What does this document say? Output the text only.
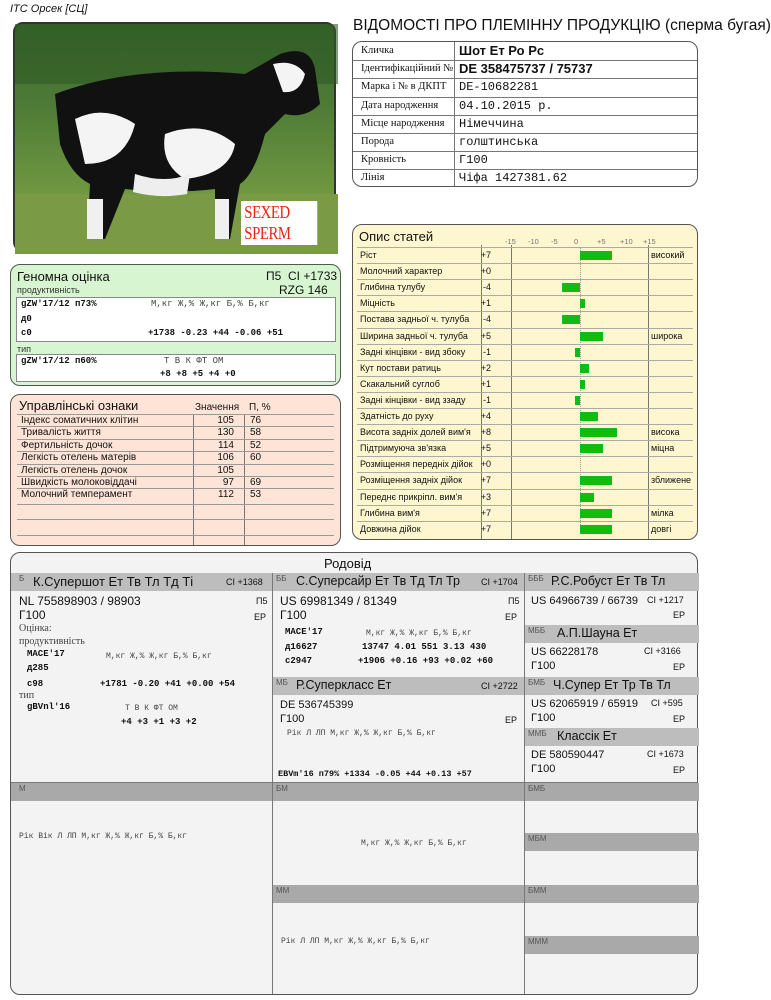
ІТС Орсек [СЦ]
ВІДОМОСТІ ПРО ПЛЕМІННУ ПРОДУКЦІЮ (сперма бугая)
SEXED SPERM
Кличка	Шот Ет Ро Рс
Ідентифікаційний № DE 358475737 / 75737
Марка і № в ДКПТ DE-10682281
Дата народження 04.10.2015 р.
Місце народження Німеччина
Порода	голштинська
Кровність	Г100
Лінія	Чіфа 1427381.62
Геномна оцінка
продуктивність
П5 CI +1733
RZG 146
gZW'17/12 п73%	М,кг Ж,% Ж,кг Б,% Б,кг
д0
с0	+1738 -0.23 +44 -0.06 +51
тип
gZW'17/12 п60%	Т В К ФТ ОМ
+8 +8 +5 +4 +0
Управлінські ознаки	Значення П, %
Індекс соматичних клітин	105 76
Тривалість життя	130 58
Фертильність дочок	114 52
Легкість отелень матерів	106 60
Легкість отелень дочок	105
Швидкість молоковіддачі	97 69
Молочний темперамент	112 53
Опис статей	-15 -10 -5 0	+5 +10 +15
Ріст	+7	високий
Молочний характер	+0
Глибина тулубу	-4
Міцність	+1
Постава задньої ч. тулуба -4
Ширина задньої ч. тулуба +5	широка
Задні кінцівки - вид збоку -1
Кут постави ратиць	+2
Скакальний суглоб	+1
Задні кінцівки - вид ззаду -1
Здатність до руху	+4
Висота задніх долей вим'я +8	висока
Підтримуюча зв'язка	+5	міцна
Розміщення передніх дійок +0
Розміщення задніх дійок +7	зближене
Переднє прикріпл. вим'я +3
Глибина вим'я	+7	мілка
Довжина дійок	+7	довгі
Родовід
Б К.Супершот Ет Тв Тл Тд Ті	CI +1368
NL 755898903 / 98903	П5
Г100	ЕР
Оцінка:
продуктивність
MACE'17	М,кг Ж,% Ж,кг Б,% Б,кг
д285
с98	+1781 -0.20 +41 +0.00 +54
тип
gBVnl'16	Т В К ФТ ОМ
+4 +3 +1 +3 +2
ББ С.Суперсайр Ет Тв Тд Тл Тр CI +1704
US 69981349 / 81349	П5
Г100	ЕР
MACE'17	М,кг Ж,% Ж,кг Б,% Б,кг
д16627	13747 4.01 551 3.13 430
с2947	+1906 +0.16 +93 +0.02 +60
БББ Р.С.Робуст Ет Тв Тл
US 64966739 / 66739 CI +1217
ЕР
МББ А.П.Шауна Ет
US 66228178	CI +3166
Г100	ЕР
МБ Р.Суперкласс Ет	CI +2722
DE 536745399
Г100	ЕР
Рік Л ЛП М,кг Ж,% Ж,кг Б,% Б,кг
EBVm'16 п79% +1334 -0.05 +44 +0.13 +57
БМБ Ч.Супер Ет Тр Тв Тл
US 62065919 / 65919 CI +595
Г100	ЕР
ММБ Классік Ет
DE 580590447	CI +1673
Г100	ЕР
М
Рік Вік Л ЛП М,кг Ж,% Ж,кг Б,% Б,кг
БМ
М,кг Ж,% Ж,кг Б,% Б,кг
БМБ
МБМ
ММ
Рік Л ЛП М,кг Ж,% Ж,кг Б,% Б,кг
БММ
МММ
